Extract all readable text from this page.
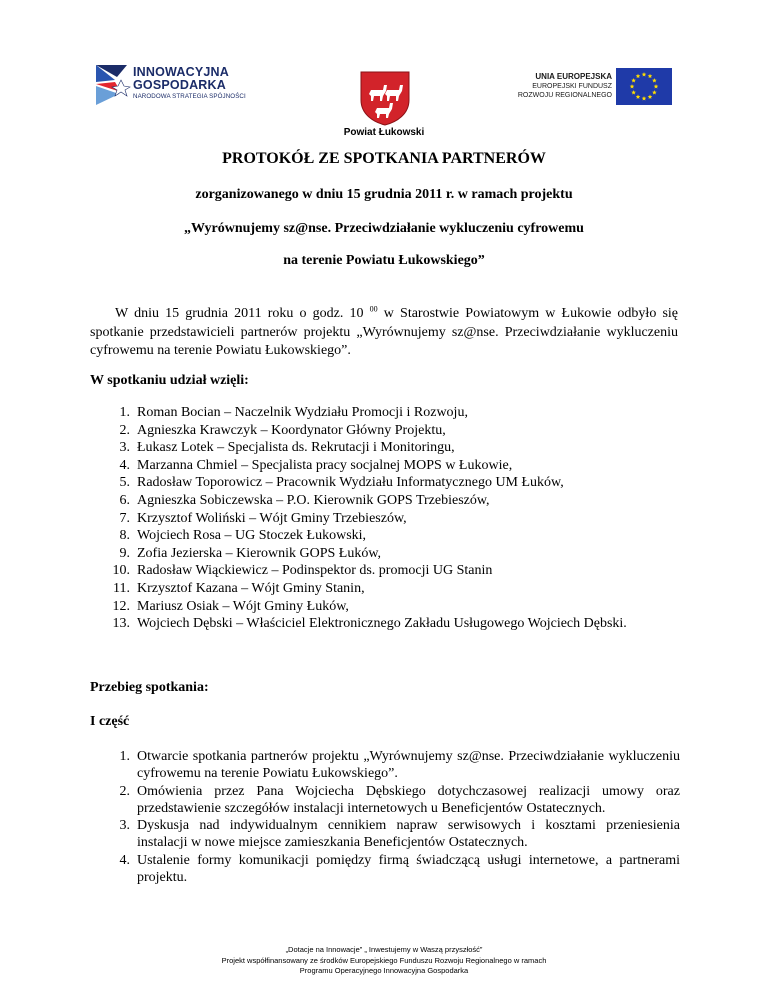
INNOWACYJNA
GOSPODARKA
NARODOWA STRATEGIA SPÓJNOŚCI
Powiat Łukowski
UNIA EUROPEJSKA
EUROPEJSKI FUNDUSZ
ROZWOJU REGIONALNEGO
PROTOKÓŁ ZE SPOTKANIA PARTNERÓW
zorganizowanego w dniu 15 grudnia 2011 r. w ramach projektu
„Wyrównujemy sz@nse. Przeciwdziałanie wykluczeniu cyfrowemu
na terenie Powiatu Łukowskiego”
W dniu 15 grudnia 2011 roku o godz. 10 $^{00}$ w Starostwie Powiatowym w Łukowie odbyło się spotkanie przedstawicieli partnerów projektu „Wyrównujemy sz@nse. Przeciwdziałanie wykluczeniu cyfrowemu na terenie Powiatu Łukowskiego”.
W spotkaniu udział wzięli:
1. Roman Bocian – Naczelnik Wydziału Promocji i Rozwoju,
2. Agnieszka Krawczyk – Koordynator Główny Projektu,
3. Łukasz Lotek – Specjalista ds. Rekrutacji i Monitoringu,
4. Marzanna Chmiel – Specjalista pracy socjalnej MOPS w Łukowie,
5. Radosław Toporowicz – Pracownik Wydziału Informatycznego UM Łuków,
6. Agnieszka Sobiczewska – P.O. Kierownik GOPS Trzebieszów,
7. Krzysztof Woliński – Wójt Gminy Trzebieszów,
8. Wojciech Rosa – UG Stoczek Łukowski,
9. Zofia Jezierska – Kierownik GOPS Łuków,
10. Radosław Wiąckiewicz – Podinspektor ds. promocji UG Stanin
11. Krzysztof Kazana – Wójt Gminy Stanin,
12. Mariusz Osiak – Wójt Gminy Łuków,
13. Wojciech Dębski – Właściciel Elektronicznego Zakładu Usługowego Wojciech Dębski.
Przebieg spotkania:
I część
1. Otwarcie spotkania partnerów projektu „Wyrównujemy sz@nse. Przeciwdziałanie wykluczeniu cyfrowemu na terenie Powiatu Łukowskiego”.
2. Omówienia przez Pana Wojciecha Dębskiego dotychczasowej realizacji umowy oraz przedstawienie szczegółów instalacji internetowych u Beneficjentów Ostatecznych.
3. Dyskusja nad indywidualnym cennikiem napraw serwisowych i kosztami przeniesienia instalacji w nowe miejsce zamieszkania Beneficjentów Ostatecznych.
4. Ustalenie formy komunikacji pomiędzy firmą świadczącą usługi internetowe, a partnerami projektu.
„Dotacje na Innowacje” „ Inwestujemy w Waszą przyszłość”
Projekt współfinansowany ze środków Europejskiego Funduszu Rozwoju Regionalnego w ramach
Programu Operacyjnego Innowacyjna Gospodarka
